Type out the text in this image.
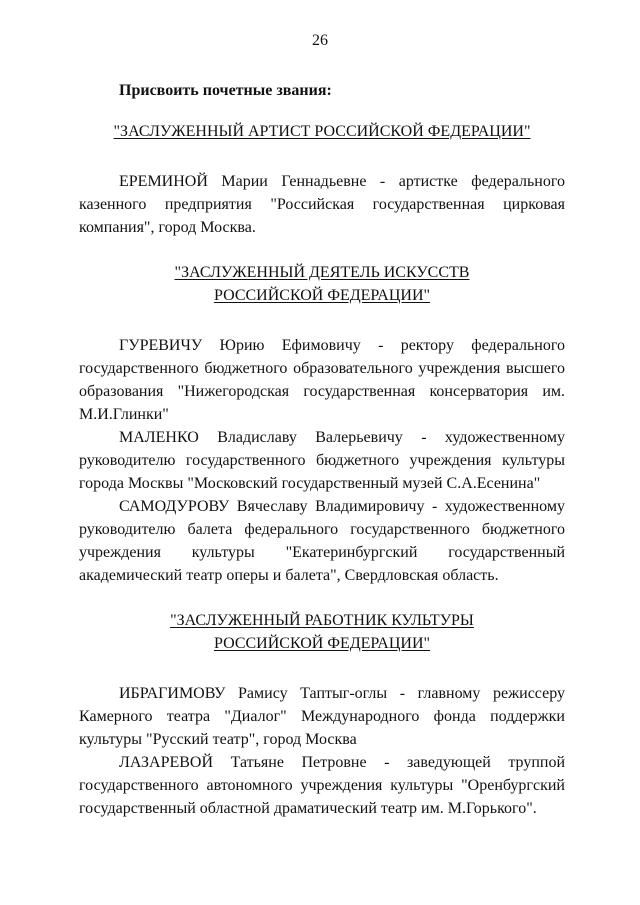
26
Присвоить почетные звания:
"ЗАСЛУЖЕННЫЙ АРТИСТ РОССИЙСКОЙ ФЕДЕРАЦИИ"

ЕРЕМИНОЙ Марии Геннадьевне - артистке федерального казенного предприятия "Российская государственная цирковая компания", город Москва.

"ЗАСЛУЖЕННЫЙ ДЕЯТЕЛЬ ИСКУССТВ
РОССИЙСКОЙ ФЕДЕРАЦИИ"

ГУРЕВИЧУ Юрию Ефимовичу - ректору федерального государственного бюджетного образовательного учреждения высшего образования "Нижегородская государственная консерватория им. М.И.Глинки"

МАЛЕНКО Владиславу Валерьевичу - художественному руководителю государственного бюджетного учреждения культуры города Москвы "Московский государственный музей С.А.Есенина"

САМОДУРОВУ Вячеславу Владимировичу - художественному руководителю балета федерального государственного бюджетного учреждения культуры "Екатеринбургский государственный академический театр оперы и балета", Свердловская область.

"ЗАСЛУЖЕННЫЙ РАБОТНИК КУЛЬТУРЫ
РОССИЙСКОЙ ФЕДЕРАЦИИ"

ИБРАГИМОВУ Рамису Таптыг-оглы - главному режиссеру Камерного театра "Диалог" Международного фонда поддержки культуры "Русский театр", город Москва

ЛАЗАРЕВОЙ Татьяне Петровне - заведующей труппой государственного автономного учреждения культуры "Оренбургский государственный областной драматический театр им. М.Горького".
